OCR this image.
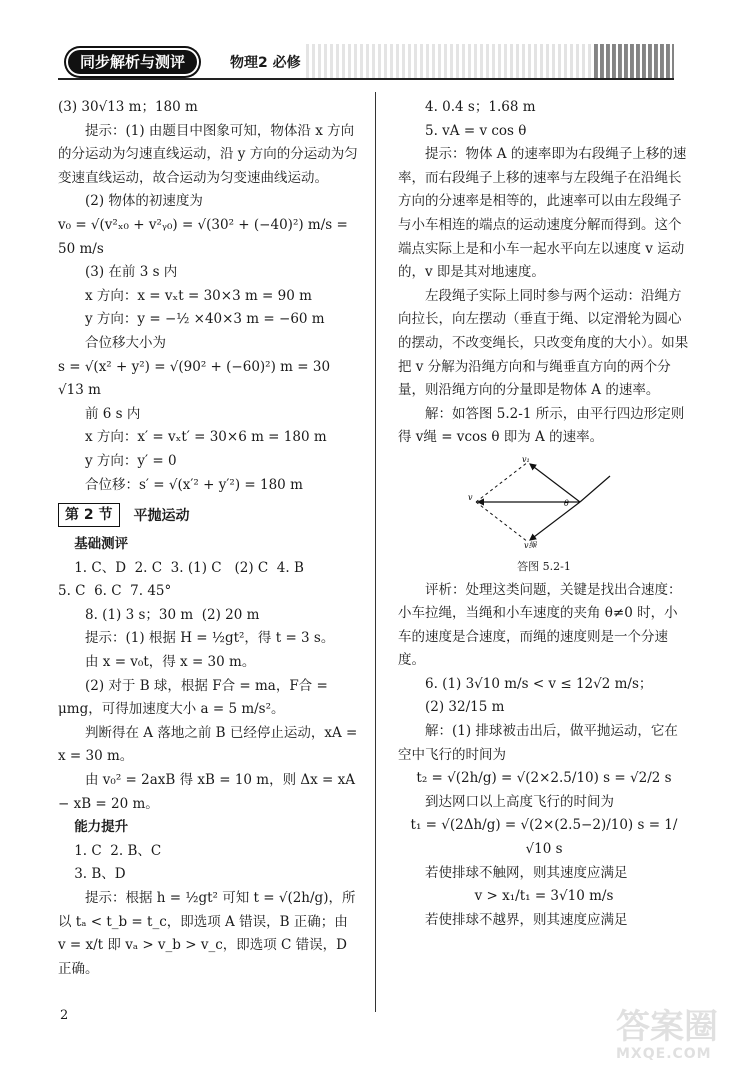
同步解析与测评	物理2 必修

(3) 30√13 m；180 m

提示：(1) 由题目中图象可知，物体沿 x 方向的分运动为匀速直线运动，沿 y 方向的分运动为匀变速直线运动，故合运动为匀变速曲线运动。

(2) 物体的初速度为

v₀ = √(v²ₓ₀ + v²ᵧ₀) = √(30² + (−40)²) m/s = 50 m/s

(3) 在前 3 s 内

x 方向：x = vₓt = 30×3 m = 90 m

y 方向：y = −½ ×40×3 m = −60 m

合位移大小为

s = √(x² + y²) = √(90² + (−60)²) m = 30 √13 m

前 6 s 内

x 方向：x′ = vₓt′ = 30×6 m = 180 m

y 方向：y′ = 0

合位移：s′ = √(x′² + y′²) = 180 m

第 2 节	平抛运动

基础测评

1. C、D  2. C  3. (1) C   (2) C  4. B

5. C  6. C  7. 45°

8. (1) 3 s；30 m  (2) 20 m

提示：(1) 根据 H = ½gt²，得 t = 3 s。

由 x = v₀t，得 x = 30 m。

(2) 对于 B 球，根据 F合 = ma，F合 = μmg，可得加速度大小 a = 5 m/s²。

判断得在 A 落地之前 B 已经停止运动，xA = x = 30 m。

由 v₀² = 2axB 得 xB = 10 m，则 Δx = xA − xB = 20 m。

能力提升

1. C  2. B、C

3. B、D

提示：根据 h = ½gt² 可知 t = √(2h/g)，所以 tₐ < t_b = t_c，即选项 A 错误，B 正确；由 v = x/t 即 vₐ > v_b > v_c，即选项 C 错误，D 正确。

4. 0.4 s；1.68 m

5. vA = v cos θ

提示：物体 A 的速率即为右段绳子上移的速率，而右段绳子上移的速率与左段绳子在沿绳长方向的分速率是相等的，此速率可以由左段绳子与小车相连的端点的运动速度分解而得到。这个端点实际上是和小车一起水平向左以速度 v 运动的，v 即是其对地速度。

左段绳子实际上同时参与两个运动：沿绳方向拉长，向左摆动（垂直于绳、以定滑轮为圆心的摆动，不改变绳长，只改变角度的大小）。如果把 v 分解为沿绳方向和与绳垂直方向的两个分量，则沿绳方向的分量即是物体 A 的速率。

解：如答图 5.2-1 所示，由平行四边形定则得 v绳 = vcos θ 即为 A 的速率。

v₁
v
θ
v绳
答图 5.2-1

评析：处理这类问题，关键是找出合速度：小车拉绳，当绳和小车速度的夹角 θ≠0 时，小车的速度是合速度，而绳的速度则是一个分速度。

6. (1) 3√10 m/s < v ≤ 12√2 m/s；

(2) 32/15 m

解：(1) 排球被击出后，做平抛运动，它在空中飞行的时间为

t₂ = √(2h/g) = √(2×2.5/10) s = √2/2 s

到达网口以上高度飞行的时间为

t₁ = √(2Δh/g) = √(2×(2.5−2)/10) s = 1/√10 s

若使排球不触网，则其速度应满足

v > x₁/t₁ = 3√10 m/s

若使排球不越界，则其速度应满足

2	答案圈
MXQE.COM
